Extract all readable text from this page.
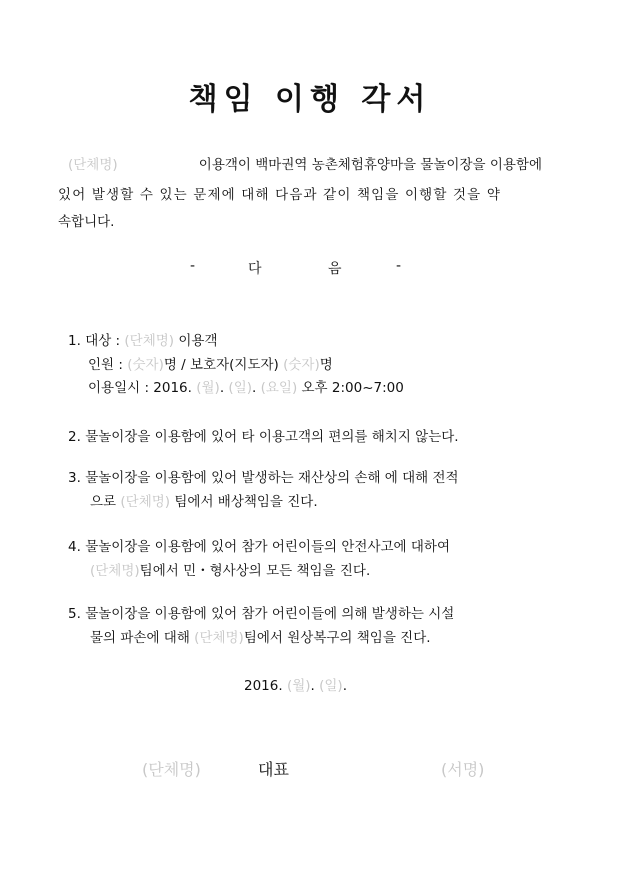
책임 이행 각서
(단체명)	이용객이 백마권역 농촌체험휴양마을 물놀이장을 이용함에
있어 발생할 수 있는 문제에 대해 다음과 같이 책임을 이행할 것을 약
속합니다.
-	다	음	-
1. 대상 : (단체명) 이용객
인원 : (숫자)명 / 보호자(지도자) (숫자)명
이용일시 : 2016. (월). (일). (요일) 오후 2:00~7:00
2. 물놀이장을 이용함에 있어 타 이용고객의 편의를 해치지 않는다.
3. 물놀이장을 이용함에 있어 발생하는 재산상의 손해 에 대해 전적
으로 (단체명) 팀에서 배상책임을 진다.
4. 물놀이장을 이용함에 있어 참가 어린이들의 안전사고에 대하여
(단체명)팀에서 민・형사상의 모든 책임을 진다.
5. 물놀이장을 이용함에 있어 참가 어린이들에 의해 발생하는 시설
물의 파손에 대해 (단체명)팀에서 원상복구의 책임을 진다.
2016. (월). (일).
(단체명)	대표	(서명)
